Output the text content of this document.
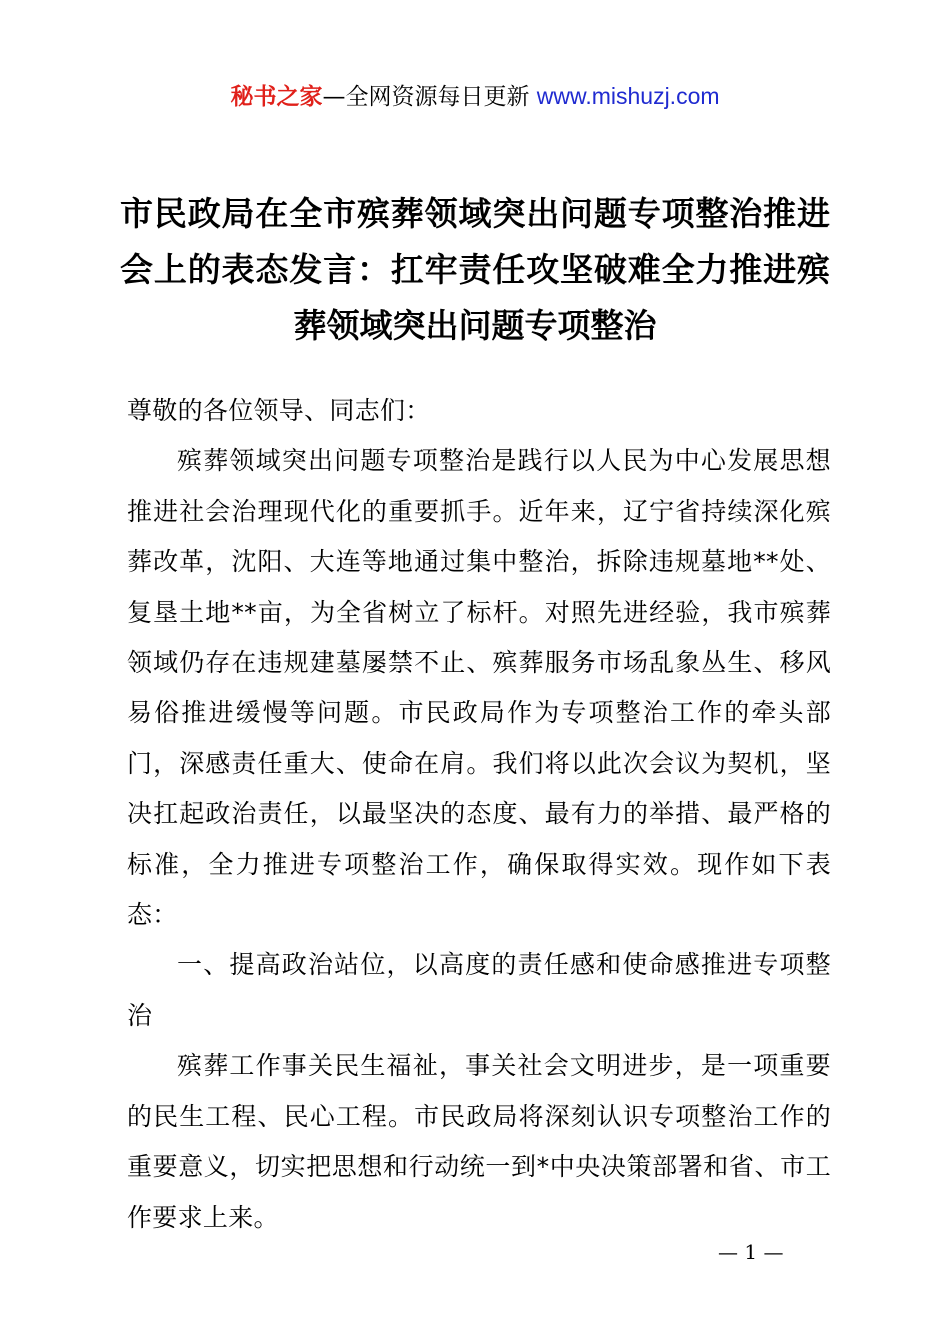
秘书之家—全网资源每日更新 www.mishuzj.com
市民政局在全市殡葬领域突出问题专项整治推进会上的表态发言：扛牢责任攻坚破难全力推进殡葬领域突出问题专项整治

尊敬的各位领导、同志们：

殡葬领域突出问题专项整治是践行以人民为中心发展思想推进社会治理现代化的重要抓手。近年来，辽宁省持续深化殡葬改革，沈阳、大连等地通过集中整治，拆除违规墓地**处、复垦土地**亩，为全省树立了标杆。对照先进经验，我市殡葬领域仍存在违规建墓屡禁不止、殡葬服务市场乱象丛生、移风易俗推进缓慢等问题。市民政局作为专项整治工作的牵头部门，深感责任重大、使命在肩。我们将以此次会议为契机，坚决扛起政治责任，以最坚决的态度、最有力的举措、最严格的标准，全力推进专项整治工作，确保取得实效。现作如下表态：

一、提高政治站位，以高度的责任感和使命感推进专项整治

殡葬工作事关民生福祉，事关社会文明进步，是一项重要的民生工程、民心工程。市民政局将深刻认识专项整治工作的重要意义，切实把思想和行动统一到*中央决策部署和省、市工作要求上来。

— 1 —
